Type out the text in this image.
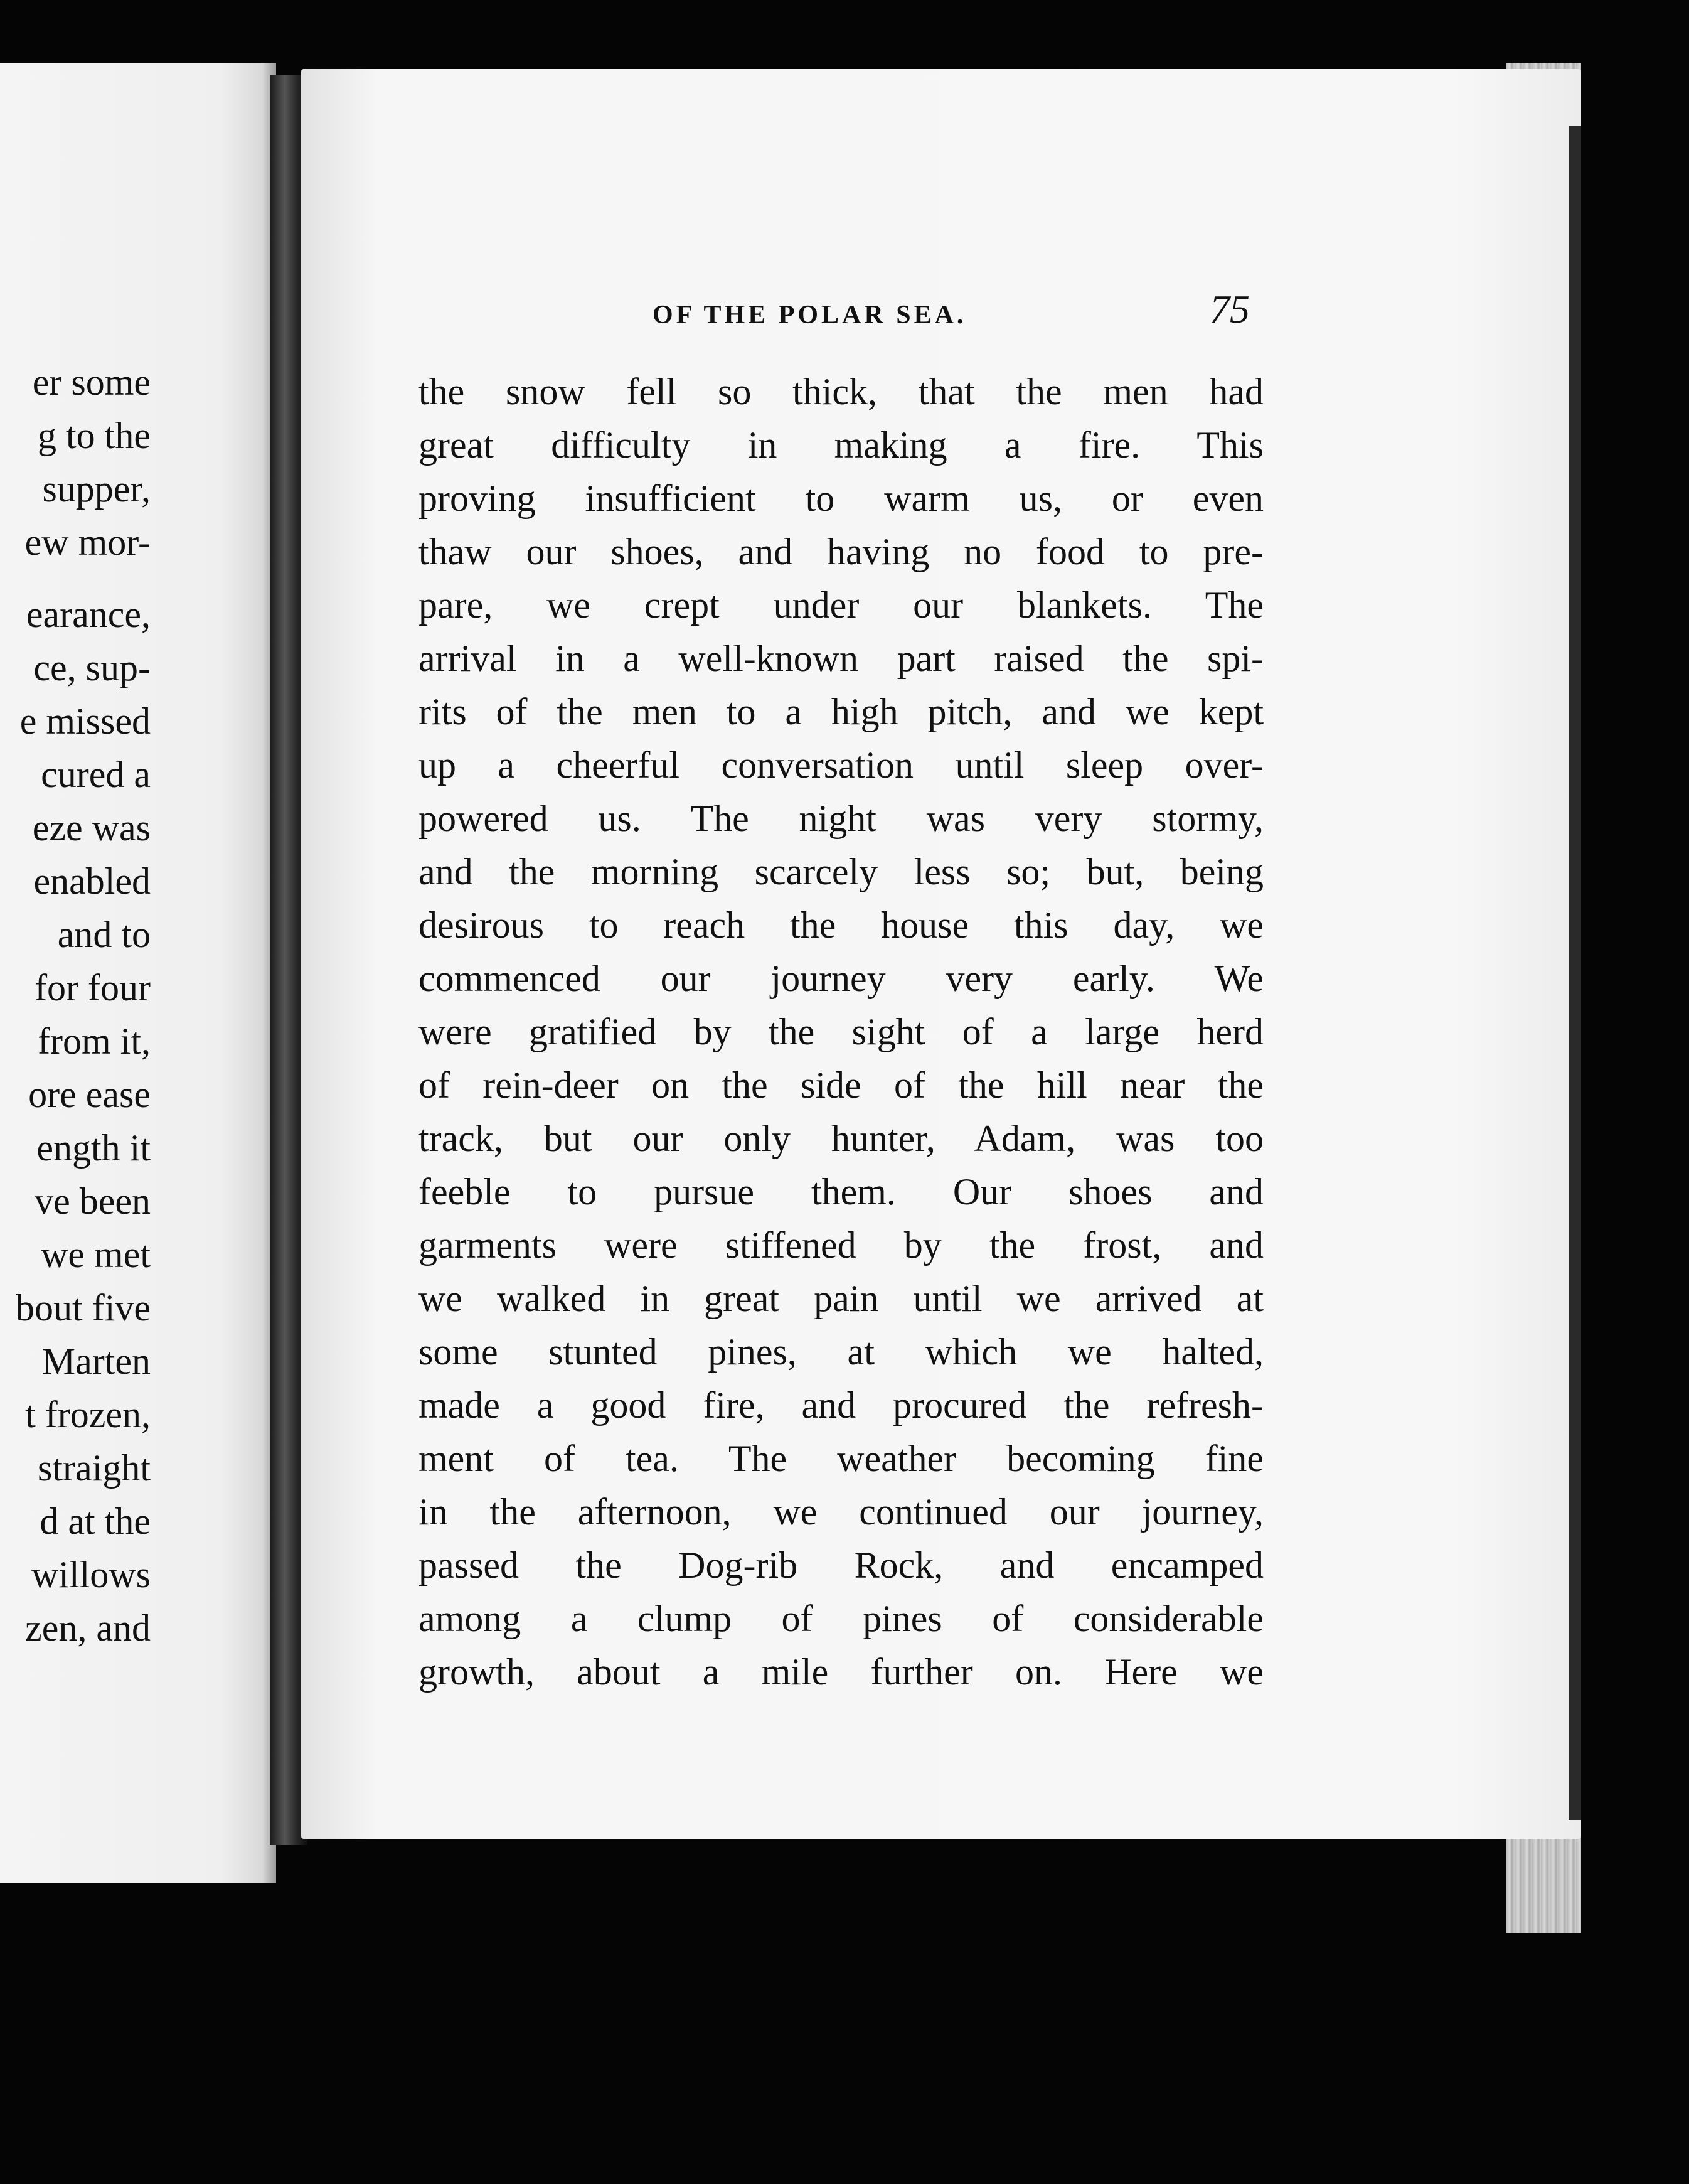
er some
g to the
supper,
ew mor-
earance,
ce, sup-
e missed
cured a
eze was
enabled
and to
for four
from it,
ore ease
ength it
ve been
we met
bout five
Marten
t frozen,
straight
d at the
willows
zen, and
OF THE POLAR SEA.	75
the snow fell so thick, that the men had
great difficulty in making a fire. This
proving insufficient to warm us, or even
thaw our shoes, and having no food to pre-
pare, we crept under our blankets. The
arrival in a well-known part raised the spi-
rits of the men to a high pitch, and we kept
up a cheerful conversation until sleep over-
powered us. The night was very stormy,
and the morning scarcely less so; but, being
desirous to reach the house this day, we
commenced our journey very early. We
were gratified by the sight of a large herd
of rein-deer on the side of the hill near the
track, but our only hunter, Adam, was too
feeble to pursue them. Our shoes and
garments were stiffened by the frost, and
we walked in great pain until we arrived at
some stunted pines, at which we halted,
made a good fire, and procured the refresh-
ment of tea. The weather becoming fine
in the afternoon, we continued our journey,
passed the Dog-rib Rock, and encamped
among a clump of pines of considerable
growth, about a mile further on. Here we
